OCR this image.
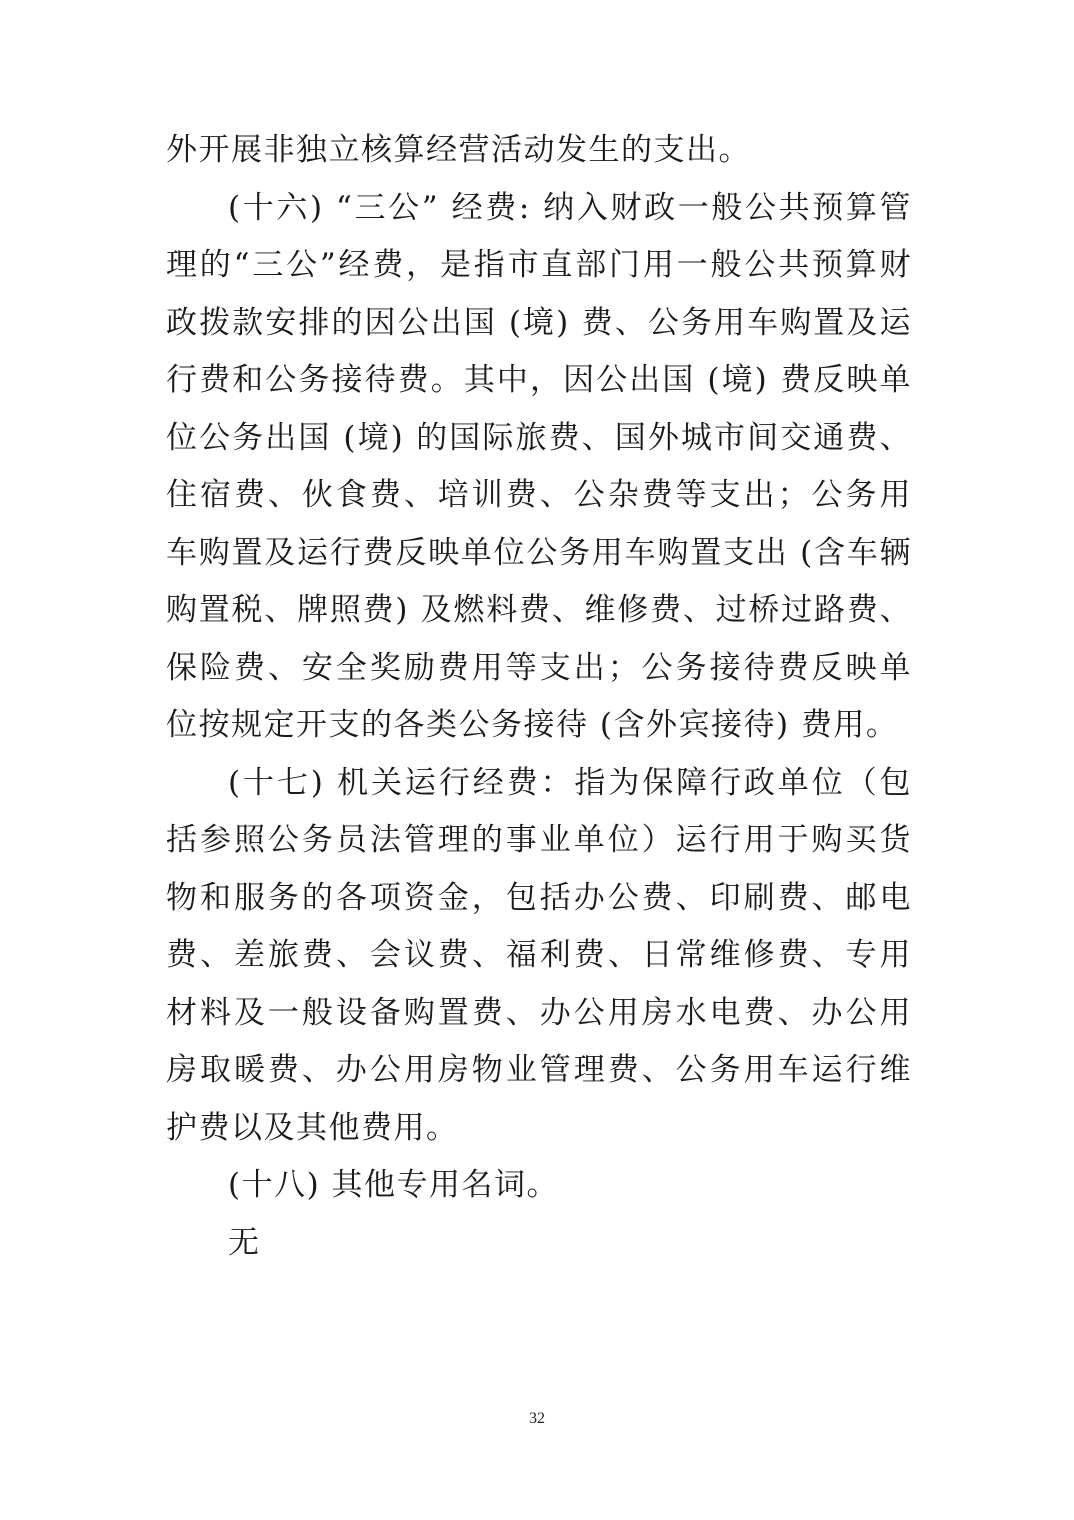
外开展非独立核算经营活动发生的支出。

(十六) “三公” 经费: 纳入财政一般公共预算管理的“三公”经费，是指市直部门用一般公共预算财政拨款安排的因公出国 (境) 费、公务用车购置及运行费和公务接待费。其中，因公出国 (境) 费反映单位公务出国 (境) 的国际旅费、国外城市间交通费、住宿费、伙食费、培训费、公杂费等支出；公务用车购置及运行费反映单位公务用车购置支出 (含车辆购置税、牌照费) 及燃料费、维修费、过桥过路费、保险费、安全奖励费用等支出；公务接待费反映单位按规定开支的各类公务接待 (含外宾接待) 费用。

(十七) 机关运行经费：指为保障行政单位（包括参照公务员法管理的事业单位）运行用于购买货物和服务的各项资金，包括办公费、印刷费、邮电费、差旅费、会议费、福利费、日常维修费、专用材料及一般设备购置费、办公用房水电费、办公用房取暖费、办公用房物业管理费、公务用车运行维护费以及其他费用。

(十八) 其他专用名词。

无

32
